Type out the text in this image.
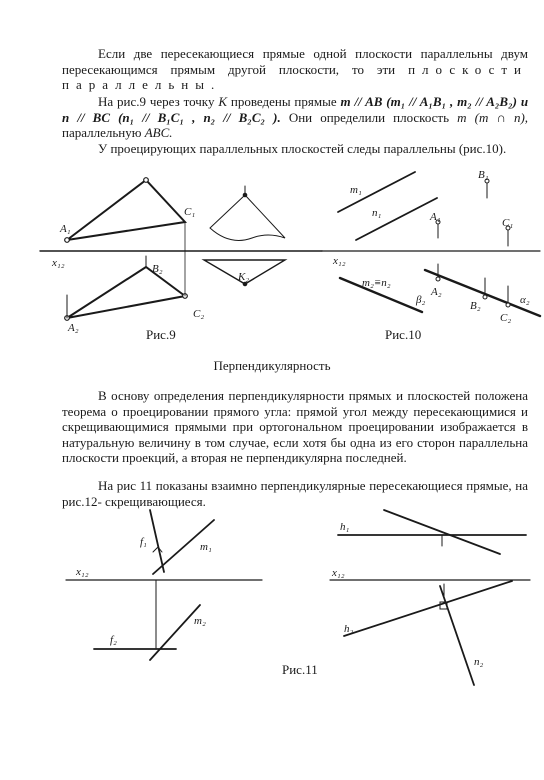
Если две пересекающиеся прямые одной плоскости параллельны двум пересекающимся прямым другой плоскости, то эти плоскости параллельны.

На рис.9 через точку K проведены прямые m // AB (m₁ // A₁B₁ , m₂ // A₂B₂) и n // BC (n₁ // B₁C₁ , n₂ // B₂C₂ ). Они определили плоскость m (m ∩ n), параллельную ABC.

У проецирующих параллельных плоскостей следы параллельны (рис.10).

A₁
C₁
x₁₂	B₂
K₂
A₂
C₂
m₁
n₁
B₁
A₁	C₁
x₁₂
m₂≡n₂
β₂
A₂
B₂
C₂
α₂
f₁	m₁
x₁₂
f₂
m₂
h₁
x₁₂
h₂
n₂
Рис.9	Рис.10
Перпендикулярность

В основу определения перпендикулярности прямых и плоскостей положена теорема о проецировании прямого угла: прямой угол между пересекающимися и скрещивающимися прямыми при ортогональном проецировании изображается в натуральную величину в том случае, если хотя бы одна из его сторон параллельна плоскости проекций, а вторая не перпендикулярна последней.

На рис 11 показаны взаимно перпендикулярные пересекающиеся прямые, на рис.12- скрещивающиеся.

Рис.11
